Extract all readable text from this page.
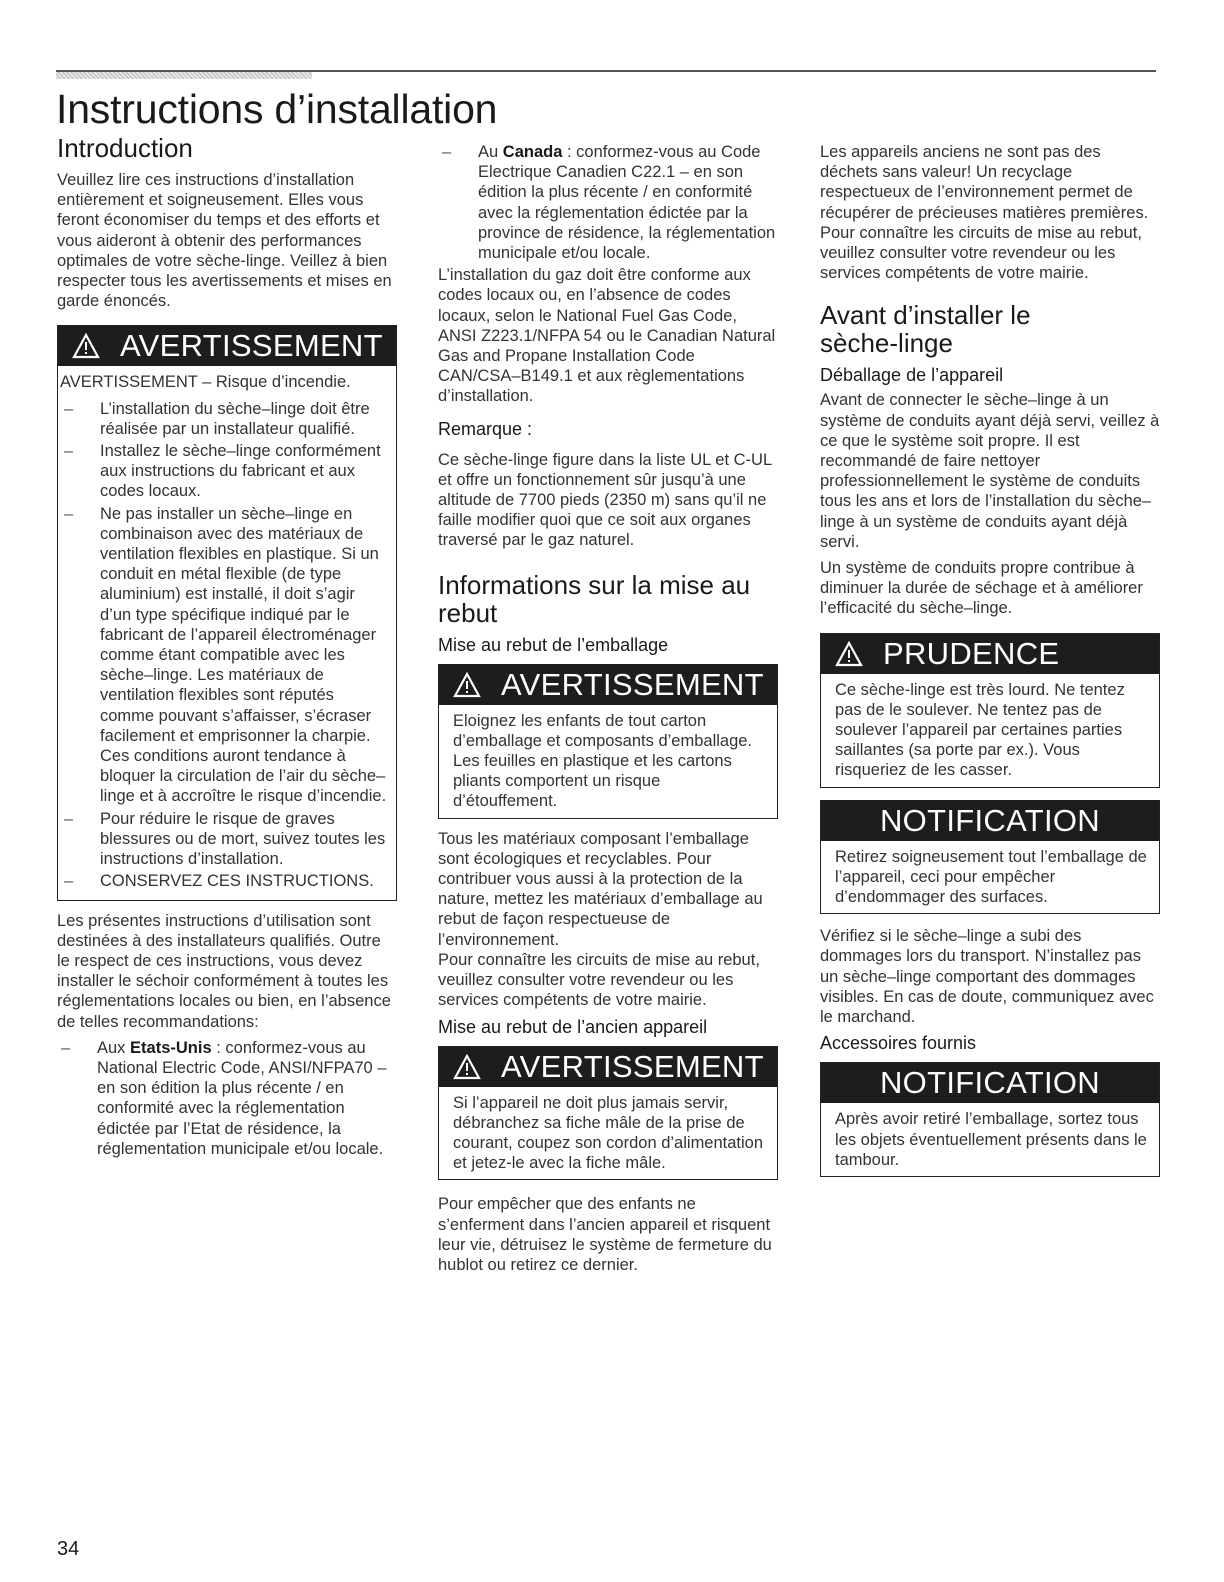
Instructions d’installation
Introduction

Veuillez lire ces instructions d’installation entièrement et soigneusement. Elles vous feront économiser du temps et des efforts et vous aideront à obtenir des performances optimales de votre sèche-linge. Veillez à bien respecter tous les avertissements et mises en garde énoncés.

AVERTISSEMENT

AVERTISSEMENT – Risque d’incendie.

– L’installation du sèche–linge doit être réalisée par un installateur qualifié.
– Installez le sèche–linge conformément aux instructions du fabricant et aux codes locaux.
– Ne pas installer un sèche–linge en combinaison avec des matériaux de ventilation flexibles en plastique. Si un conduit en métal flexible (de type aluminium) est installé, il doit s’agir d’un type spécifique indiqué par le fabricant de l’appareil électroménager comme étant compatible avec les sèche–linge. Les matériaux de ventilation flexibles sont réputés comme pouvant s’affaisser, s’écraser facilement et emprisonner la charpie. Ces conditions auront tendance à bloquer la circulation de l’air du sèche–linge et à accroître le risque d’incendie.
– Pour réduire le risque de graves blessures ou de mort, suivez toutes les instructions d’installation.
– CONSERVEZ CES INSTRUCTIONS.

Les présentes instructions d’utilisation sont destinées à des installateurs qualifiés. Outre le respect de ces instructions, vous devez installer le séchoir conformément à toutes les réglementations locales ou bien, en l’absence de telles recommandations:

– Aux Etats-Unis : conformez-vous au National Electric Code, ANSI/NFPA70 – en son édition la plus récente / en conformité avec la réglementation édictée par l’Etat de résidence, la réglementation municipale et/ou locale.
– Au Canada : conformez-vous au Code Electrique Canadien C22.1 – en son édition la plus récente / en conformité avec la réglementation édictée par la province de résidence, la réglementation municipale et/ou locale.

L’installation du gaz doit être conforme aux codes locaux ou, en l’absence de codes locaux, selon le National Fuel Gas Code, ANSI Z223.1/NFPA 54 ou le Canadian Natural Gas and Propane Installation Code CAN/CSA–B149.1 et aux règlementations d’installation.

Remarque :

Ce sèche-linge figure dans la liste UL et C-UL et offre un fonctionnement sûr jusqu’à une altitude de 7700 pieds (2350 m) sans qu’il ne faille modifier quoi que ce soit aux organes traversé par le gaz naturel.

Informations sur la mise au rebut
Mise au rebut de l’emballage
AVERTISSEMENT

Eloignez les enfants de tout carton d’emballage et composants d’emballage. Les feuilles en plastique et les cartons pliants comportent un risque d’étouffement.

Tous les matériaux composant l’emballage sont écologiques et recyclables. Pour contribuer vous aussi à la protection de la nature, mettez les matériaux d’emballage au rebut de façon respectueuse de l’environnement.

Pour connaître les circuits de mise au rebut, veuillez consulter votre revendeur ou les services compétents de votre mairie.

Mise au rebut de l’ancien appareil
AVERTISSEMENT

Si l’appareil ne doit plus jamais servir, débranchez sa fiche mâle de la prise de courant, coupez son cordon d’alimentation et jetez-le avec la fiche mâle.

Pour empêcher que des enfants ne s’enferment dans l’ancien appareil et risquent leur vie, détruisez le système de fermeture du hublot ou retirez ce dernier.

Les appareils anciens ne sont pas des déchets sans valeur! Un recyclage respectueux de l’environnement permet de récupérer de précieuses matières premières.

Pour connaître les circuits de mise au rebut, veuillez consulter votre revendeur ou les services compétents de votre mairie.

Avant d’installer le sèche-linge
Déballage de l’appareil

Avant de connecter le sèche–linge à un système de conduits ayant déjà servi, veillez à ce que le système soit propre. Il est recommandé de faire nettoyer professionnellement le système de conduits tous les ans et lors de l’installation du sèche–linge à un système de conduits ayant déjà servi.

Un système de conduits propre contribue à diminuer la durée de séchage et à améliorer l’efficacité du sèche–linge.

PRUDENCE

Ce sèche-linge est très lourd. Ne tentez pas de le soulever. Ne tentez pas de soulever l’appareil par certaines parties saillantes (sa porte par ex.). Vous risqueriez de les casser.

NOTIFICATION

Retirez soigneusement tout l’emballage de l’appareil, ceci pour empêcher d’endommager des surfaces.

Vérifiez si le sèche–linge a subi des dommages lors du transport. N’installez pas un sèche–linge comportant des dommages visibles. En cas de doute, communiquez avec le marchand.

Accessoires fournis
NOTIFICATION

Après avoir retiré l’emballage, sortez tous les objets éventuellement présents dans le tambour.

34
